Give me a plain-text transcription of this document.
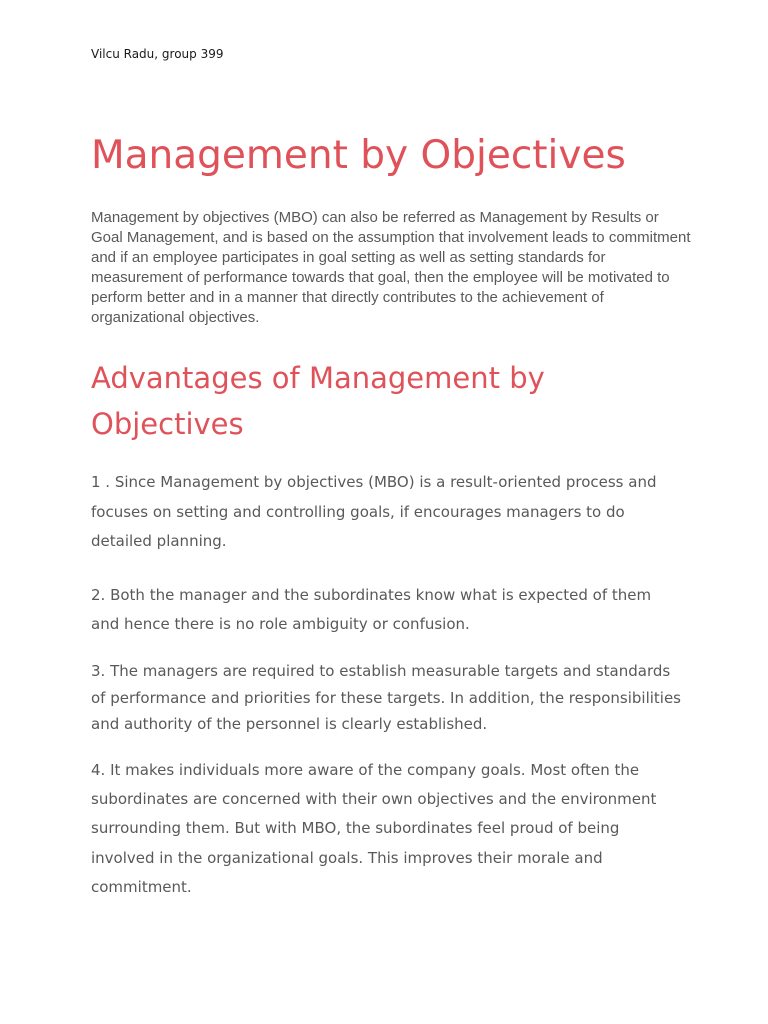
Vilcu Radu, group 399
Management by Objectives

Management by objectives (MBO) can also be referred as Management by Results or Goal Management, and is based on the assumption that involvement leads to commitment and if an employee participates in goal setting as well as setting standards for measurement of performance towards that goal, then the employee will be motivated to perform better and in a manner that directly contributes to the achievement of organizational objectives.

Advantages of Management by Objectives

1 . Since Management by objectives (MBO) is a result-oriented process and focuses on setting and controlling goals, if encourages managers to do detailed planning.

2. Both the manager and the subordinates know what is expected of them and hence there is no role ambiguity or confusion.

3. The managers are required to establish measurable targets and standards of performance and priorities for these targets. In addition, the responsibilities and authority of the personnel is clearly established.

4. It makes individuals more aware of the company goals. Most often the subordinates are concerned with their own objectives and the environment surrounding them. But with MBO, the subordinates feel proud of being involved in the organizational goals. This improves their morale and commitment.
